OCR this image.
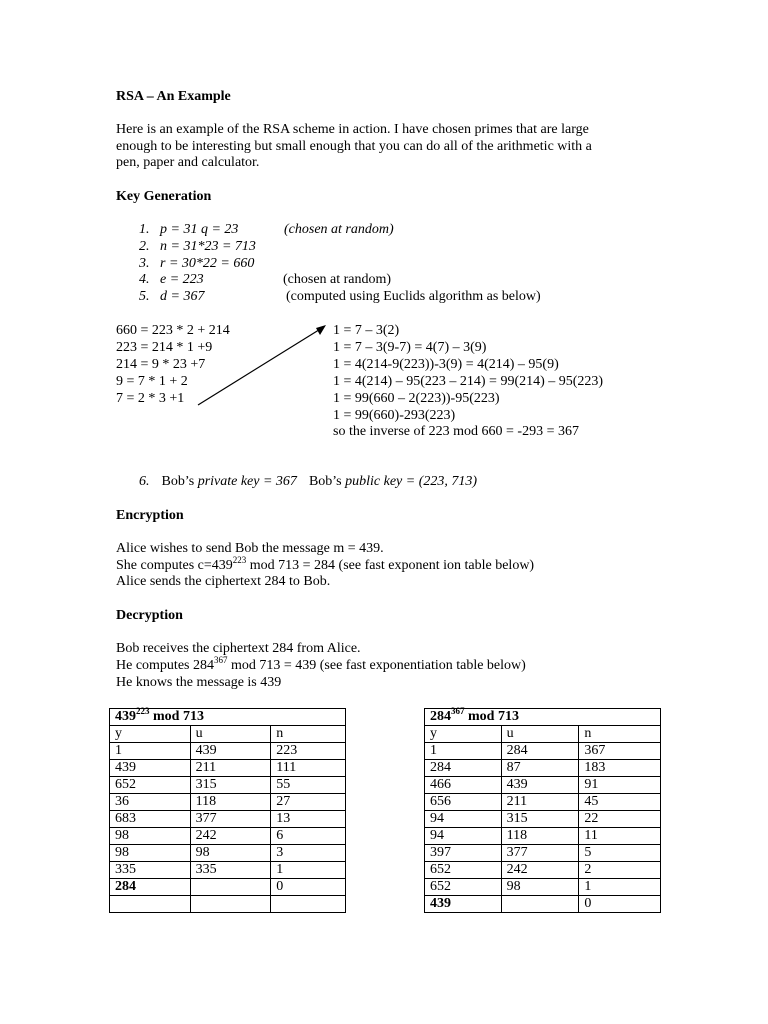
RSA – An Example
Here is an example of the RSA scheme in action. I have chosen primes that are large
enough to be interesting but small enough that you can do all of the arithmetic with a
pen, paper and calculator.
Key Generation
1. p = 31 q = 23	(chosen at random)
2. n = 31*23 = 713
3. r = 30*22 = 660
4. e = 223	(chosen at random)
5. d = 367	(computed using Euclids algorithm as below)
660 = 223 * 2 + 214
223 = 214 * 1 +9
214 = 9 * 23 +7
9 = 7 * 1 + 2
7 = 2 * 3 +1
1 = 7 – 3(2)
1 = 7 – 3(9-7) = 4(7) – 3(9)
1 = 4(214-9(223))-3(9) = 4(214) – 95(9)
1 = 4(214) – 95(223 – 214) = 99(214) – 95(223)
1 = 99(660 – 2(223))-95(223)
1 = 99(660)-293(223)
so the inverse of 223 mod 660 = -293 = 367
6. Bob’s private key = 367 Bob’s public key = (223, 713)
Encryption
Alice wishes to send Bob the message m = 439.
She computes $c=439^{223}$ mod 713 = 284 (see fast exponent ion table below)
Alice sends the ciphertext 284 to Bob.
Decryption
Bob receives the ciphertext 284 from Alice.
He computes $284^{367}$ mod 713 = 439 (see fast exponentiation table below)
He knows the message is 439
$439^{223}$ mod 713		
y	u	n
1	439	223
439	211	111
652	315	55
36	118	27
683	377	13
98	242	6
98	98	3
335	335	1
284		0

$284^{367}$ mod 713		
y	u	n
1	284	367
284	87	183
466	439	91
656	211	45
94	315	22
94	118	11
397	377	5
652	242	2
652	98	1
439		0
